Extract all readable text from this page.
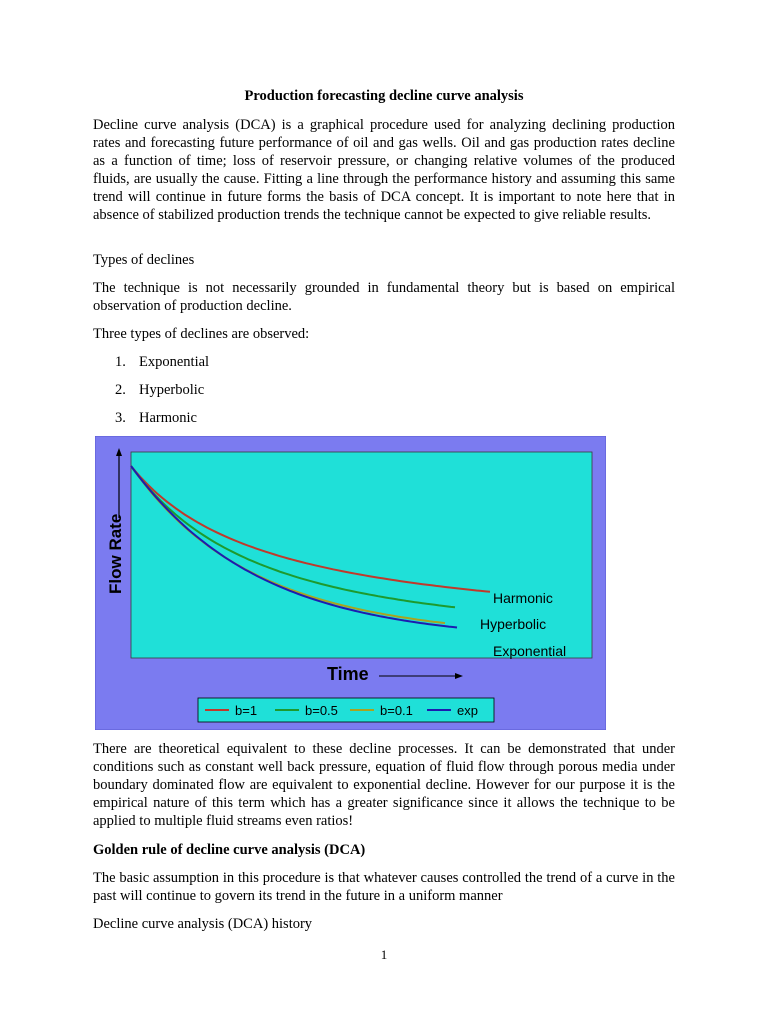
Production forecasting decline curve analysis

Decline curve analysis (DCA) is a graphical procedure used for analyzing declining production rates and forecasting future performance of oil and gas wells. Oil and gas production rates decline as a function of time; loss of reservoir pressure, or changing relative volumes of the produced fluids, are usually the cause. Fitting a line through the performance history and assuming this same trend will continue in future forms the basis of DCA concept. It is important to note here that in absence of stabilized production trends the technique cannot be expected to give reliable results.

Types of declines

The technique is not necessarily grounded in fundamental theory but is based on empirical observation of production decline.

Three types of declines are observed:

1. Exponential
2. Hyperbolic
3. Harmonic

There are theoretical equivalent to these decline processes. It can be demonstrated that under conditions such as constant well back pressure, equation of fluid flow through porous media under boundary dominated flow are equivalent to exponential decline. However for our purpose it is the empirical nature of this term which has a greater significance since it allows the technique to be applied to multiple fluid streams even ratios!

Golden rule of decline curve analysis (DCA)

The basic assumption in this procedure is that whatever causes controlled the trend of a curve in the past will continue to govern its trend in the future in a uniform manner

Decline curve analysis (DCA) history

Flow Rate
Time
Harmonic
Hyperbolic
Exponential
b=1	b=0.5	b=0.1	exp
1
